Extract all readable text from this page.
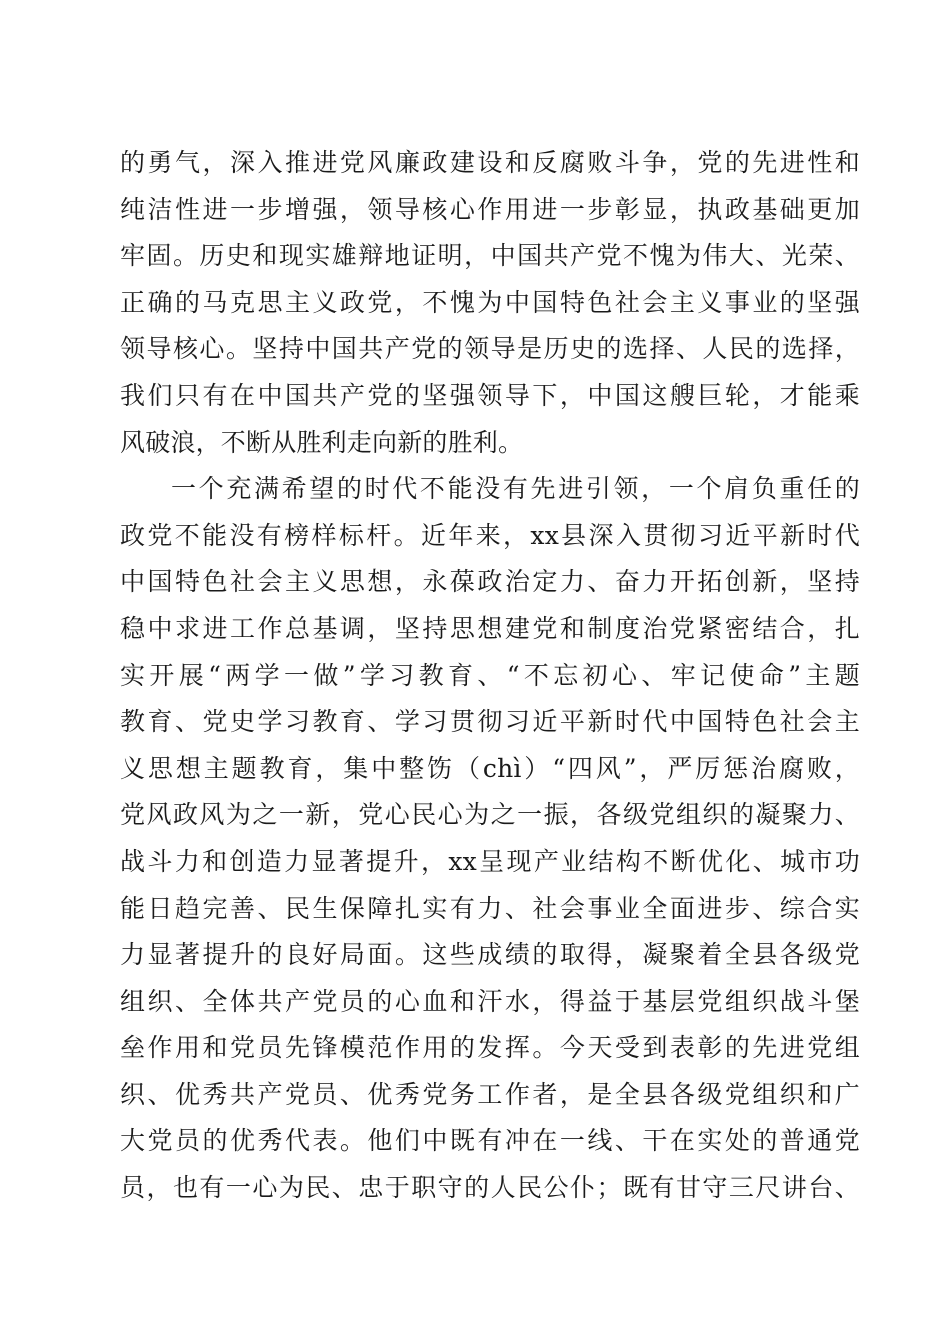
的勇气，深入推进党风廉政建设和反腐败斗争，党的先进性和
纯洁性进一步增强，领导核心作用进一步彰显，执政基础更加
牢固。历史和现实雄辩地证明，中国共产党不愧为伟大、光荣、
正确的马克思主义政党，不愧为中国特色社会主义事业的坚强
领导核心。坚持中国共产党的领导是历史的选择、人民的选择，
我们只有在中国共产党的坚强领导下，中国这艘巨轮，才能乘
风破浪，不断从胜利走向新的胜利。
一个充满希望的时代不能没有先进引领，一个肩负重任的
政党不能没有榜样标杆。近年来，xx县深入贯彻习近平新时代
中国特色社会主义思想，永葆政治定力、奋力开拓创新，坚持
稳中求进工作总基调，坚持思想建党和制度治党紧密结合，扎
实开展“两学一做”学习教育、“不忘初心、牢记使命”主题
教育、党史学习教育、学习贯彻习近平新时代中国特色社会主
义思想主题教育，集中整饬（chì）“四风”，严厉惩治腐败，
党风政风为之一新，党心民心为之一振，各级党组织的凝聚力、
战斗力和创造力显著提升，xx呈现产业结构不断优化、城市功
能日趋完善、民生保障扎实有力、社会事业全面进步、综合实
力显著提升的良好局面。这些成绩的取得，凝聚着全县各级党
组织、全体共产党员的心血和汗水，得益于基层党组织战斗堡
垒作用和党员先锋模范作用的发挥。今天受到表彰的先进党组
织、优秀共产党员、优秀党务工作者，是全县各级党组织和广
大党员的优秀代表。他们中既有冲在一线、干在实处的普通党
员，也有一心为民、忠于职守的人民公仆；既有甘守三尺讲台、
